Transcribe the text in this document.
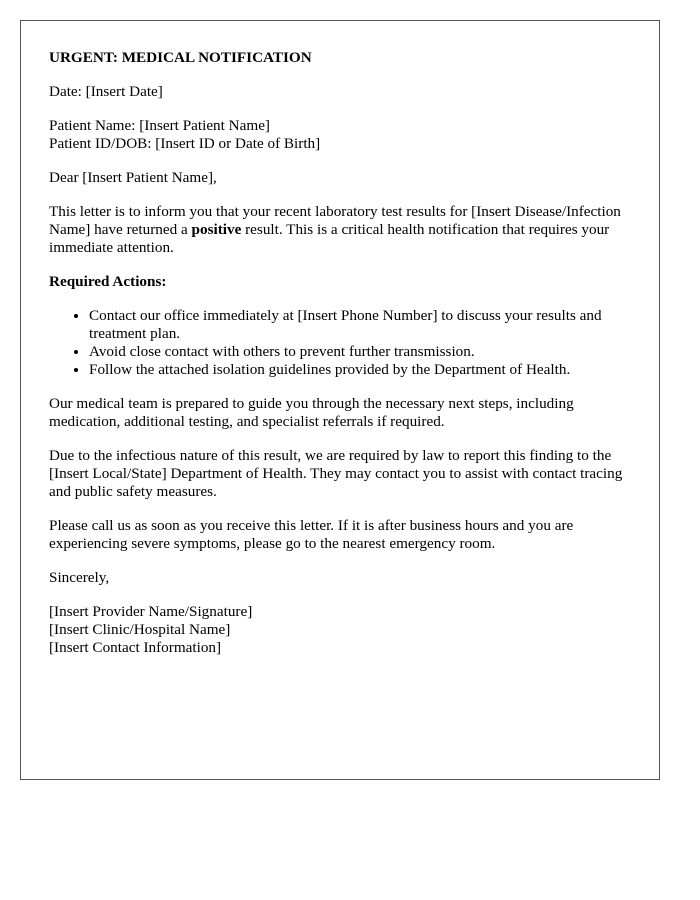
URGENT: MEDICAL NOTIFICATION

Date: [Insert Date]

Patient Name: [Insert Patient Name]
Patient ID/DOB: [Insert ID or Date of Birth]

Dear [Insert Patient Name],

This letter is to inform you that your recent laboratory test results for [Insert Disease/Infection Name] have returned a positive result. This is a critical health notification that requires your immediate attention.

Required Actions:
• Contact our office immediately at [Insert Phone Number] to discuss your results and treatment plan.
• Avoid close contact with others to prevent further transmission.
• Follow the attached isolation guidelines provided by the Department of Health.

Our medical team is prepared to guide you through the necessary next steps, including medication, additional testing, and specialist referrals if required.

Due to the infectious nature of this result, we are required by law to report this finding to the [Insert Local/State] Department of Health. They may contact you to assist with contact tracing and public safety measures.

Please call us as soon as you receive this letter. If it is after business hours and you are experiencing severe symptoms, please go to the nearest emergency room.

Sincerely,

[Insert Provider Name/Signature]
[Insert Clinic/Hospital Name]
[Insert Contact Information]
